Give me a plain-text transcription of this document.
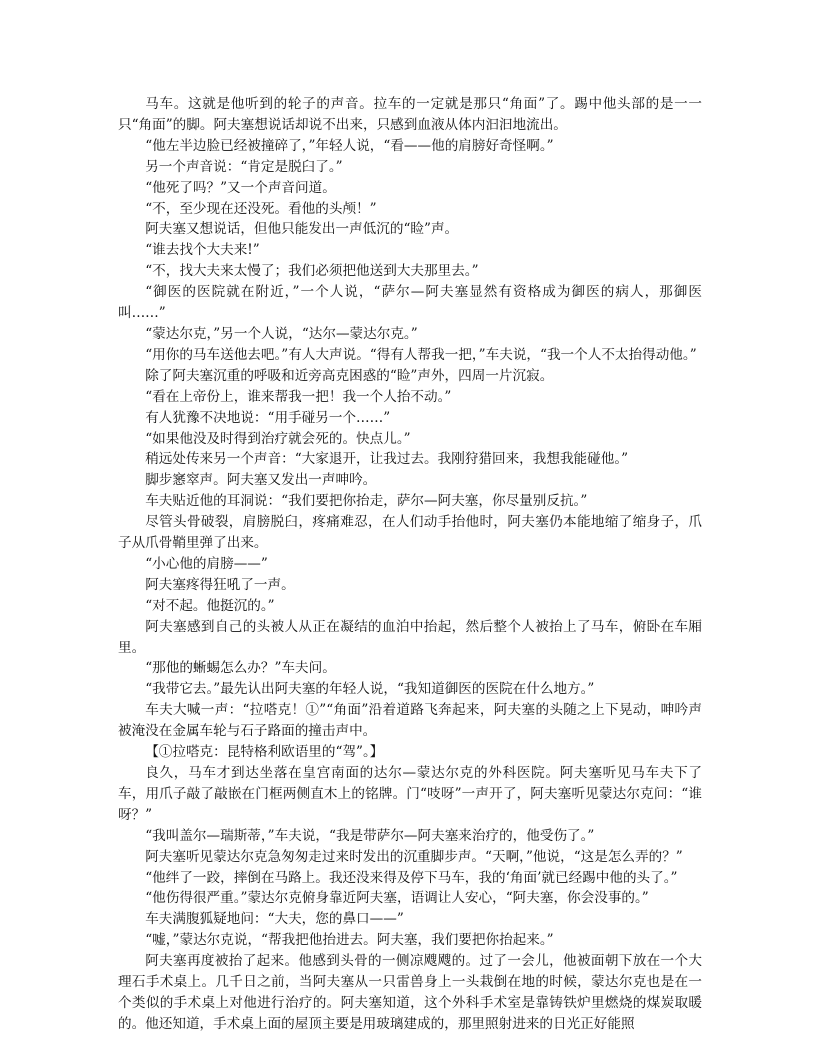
马车。这就是他听到的轮子的声音。拉车的一定就是那只“角面”了。踢中他头部的是一一只“角面”的脚。阿夫塞想说话却说不出来，只感到血液从体内汩汩地流出。

“他左半边脸已经被撞碎了，”年轻人说，“看——他的肩膀好奇怪啊。”

另一个声音说：“肯定是脱臼了。”

“他死了吗？”又一个声音问道。

“不，至少现在还没死。看他的头颅！”

阿夫塞又想说话，但他只能发出一声低沉的“睑”声。

“谁去找个大夫来!”

“不，找大夫来太慢了；我们必须把他送到大夫那里去。”

“御医的医院就在附近，”一个人说，“萨尔—阿夫塞显然有资格成为御医的病人，那御医叫……”

“蒙达尔克，”另一个人说，“达尔—蒙达尔克。”

“用你的马车送他去吧。”有人大声说。“得有人帮我一把，”车夫说，“我一个人不太抬得动他。”

除了阿夫塞沉重的呼吸和近旁高克困惑的“睑”声外，四周一片沉寂。

“看在上帝份上，谁来帮我一把！我一个人抬不动。”

有人犹豫不决地说：“用手碰另一个……”

“如果他没及时得到治疗就会死的。快点儿。”

稍远处传来另一个声音：“大家退开，让我过去。我刚狩猎回来，我想我能碰他。”

脚步窸窣声。阿夫塞又发出一声呻吟。

车夫贴近他的耳洞说：“我们要把你抬走，萨尔—阿夫塞，你尽量别反抗。”

尽管头骨破裂，肩膀脱臼，疼痛难忍，在人们动手抬他时，阿夫塞仍本能地缩了缩身子，爪子从爪骨鞘里弹了出来。

“小心他的肩膀——”

阿夫塞疼得狂吼了一声。

“对不起。他挺沉的。”

阿夫塞感到自己的头被人从正在凝结的血泊中抬起，然后整个人被抬上了马车，俯卧在车厢里。

“那他的蜥蜴怎么办？”车夫问。

“我带它去。”最先认出阿夫塞的年轻人说，“我知道御医的医院在什么地方。”

车夫大喊一声：“拉嗒克！①”“角面”沿着道路飞奔起来，阿夫塞的头随之上下晃动，呻吟声被淹没在金属车轮与石子路面的撞击声中。

【①拉嗒克：昆特格利欧语里的“驾”。】

良久，马车才到达坐落在皇宫南面的达尔—蒙达尔克的外科医院。阿夫塞听见马车夫下了车，用爪子敲了敲嵌在门框两侧直木上的铭牌。门“吱呀”一声开了，阿夫塞听见蒙达尔克问：“谁呀？”

“我叫盖尔—瑞斯蒂，”车夫说，“我是带萨尔—阿夫塞来治疗的，他受伤了。”

阿夫塞听见蒙达尔克急匆匆走过来时发出的沉重脚步声。“天啊，”他说，“这是怎么弄的？”

“他绊了一跤，摔倒在马路上。我还没来得及停下马车，我的‘角面’就已经踢中他的头了。”

“他伤得很严重。”蒙达尔克俯身靠近阿夫塞，语调让人安心，“阿夫塞，你会没事的。”

车夫满腹狐疑地问：“大夫，您的鼻口——”

“嘘，”蒙达尔克说，“帮我把他抬进去。阿夫塞，我们要把你抬起来。”

阿夫塞再度被抬了起来。他感到头骨的一侧凉飕飕的。过了一会儿，他被面朝下放在一个大理石手术桌上。几千日之前，当阿夫塞从一只雷兽身上一头栽倒在地的时候，蒙达尔克也是在一个类似的手术桌上对他进行治疗的。阿夫塞知道，这个外科手术室是靠铸铁炉里燃烧的煤炭取暖的。他还知道，手术桌上面的屋顶主要是用玻璃建成的，那里照射进来的日光正好能照
